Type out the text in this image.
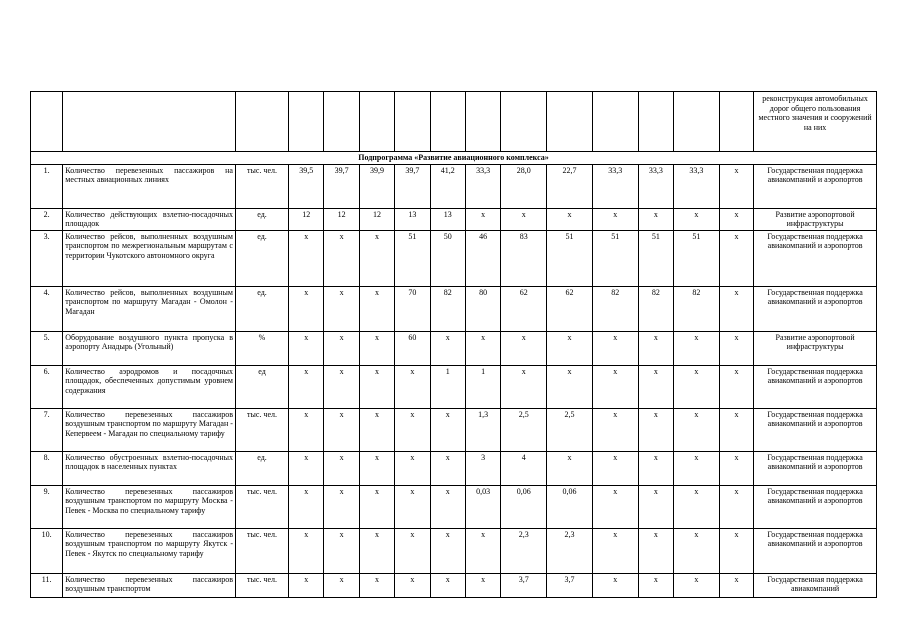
															реконструкция автомобильных дорог общего пользования местного значения и сооружений на них
Подпрограмма «Развитие авиационного комплекса»															
1.	Количество перевезенных пассажиров на местных авиационных линиях	тыс. чел.	39,5	39,7	39,9	39,7	41,2	33,3	28,0	22,7	33,3	33,3	33,3	x	Государственная поддержка авиакомпаний и аэропортов
2.	Количество действующих взлетно-посадочных площадок	ед.	12	12	12	13	13	x	x	x	x	x	x	x	Развитие аэропортовой инфраструктуры
3.	Количество рейсов, выполненных воздушным транспортом по межрегиональным маршрутам с территории Чукотского автономного округа	ед.	x	x	x	51	50	46	83	51	51	51	51	x	Государственная поддержка авиакомпаний и аэропортов
4.	Количество рейсов, выполненных воздушным транспортом по маршруту Магадан - Омолон - Магадан	ед.	x	x	x	70	82	80	62	62	82	82	82	x	Государственная поддержка авиакомпаний и аэропортов
5.	Оборудование воздушного пункта пропуска в аэропорту Анадырь (Угольный)	%	x	x	x	60	x	x	x	x	x	x	x	x	Развитие аэропортовой инфраструктуры
6.	Количество аэродромов и посадочных площадок, обеспеченных допустимым уровнем содержания	ед	x	x	x	x	1	1	x	x	x	x	x	x	Государственная поддержка авиакомпаний и аэропортов
7.	Количество перевезенных пассажиров воздушным транспортом по маршруту Магадан - Кепервеем - Магадан по специальному тарифу	тыс. чел.	x	x	x	x	x	1,3	2,5	2,5	x	x	x	x	Государственная поддержка авиакомпаний и аэропортов
8.	Количество обустроенных взлетно-посадочных площадок в населенных пунктах	ед.	x	x	x	x	x	3	4	x	x	x	x	x	Государственная поддержка авиакомпаний и аэропортов
9.	Количество перевезенных пассажиров воздушным транспортом по маршруту Москва - Певек - Москва по специальному тарифу	тыс. чел.	x	x	x	x	x	0,03	0,06	0,06	x	x	x	x	Государственная поддержка авиакомпаний и аэропортов
10.	Количество перевезенных пассажиров воздушным транспортом по маршруту Якутск - Певек - Якутск по специальному тарифу	тыс. чел.	x	x	x	x	x	x	2,3	2,3	x	x	x	x	Государственная поддержка авиакомпаний и аэропортов
11.	Количество перевезенных пассажиров воздушным транспортом	тыс. чел.	x	x	x	x	x	x	3,7	3,7	x	x	x	x	Государственная поддержка авиакомпаний
